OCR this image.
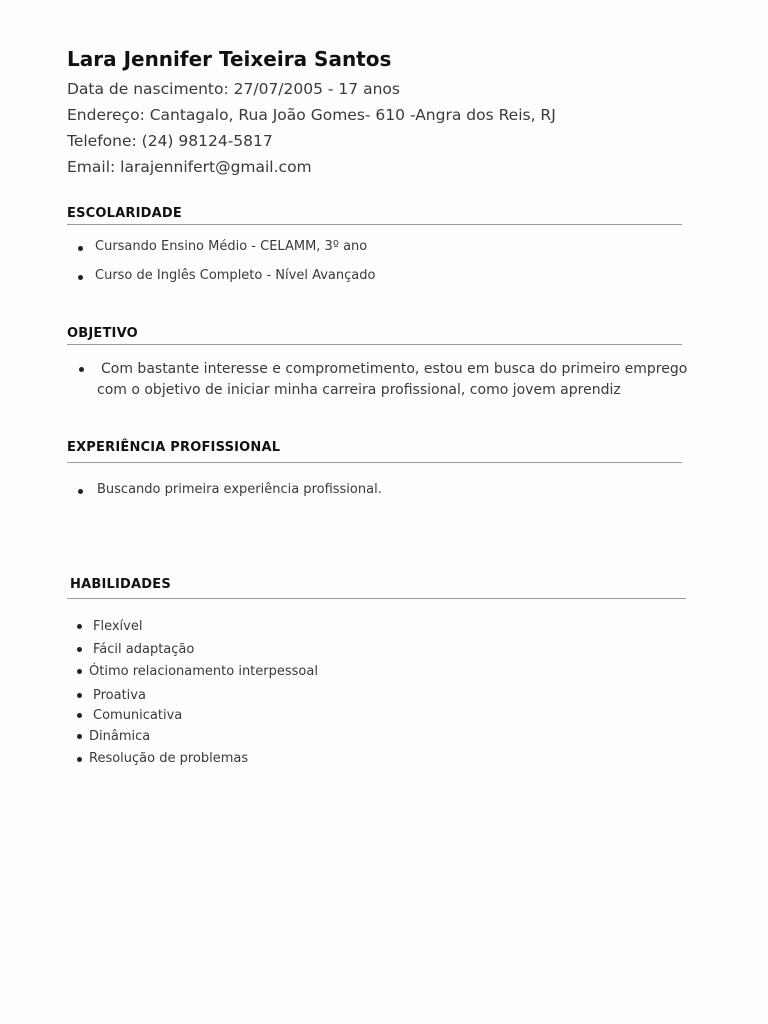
Lara Jennifer Teixeira Santos
Data de nascimento: 27/07/2005 - 17 anos
Endereço: Cantagalo, Rua João Gomes- 610 -Angra dos Reis, RJ
Telefone: (24) 98124-5817
Email: larajennifert@gmail.com
ESCOLARIDADE
Cursando Ensino Médio - CELAMM, 3º ano
Curso de Inglês Completo - Nível Avançado
OBJETIVO
Com bastante interesse e comprometimento, estou em busca do primeiro emprego
com o objetivo de iniciar minha carreira profissional, como jovem aprendiz
EXPERIÊNCIA PROFISSIONAL
Buscando primeira experiência profissional.
HABILIDADES
Flexível
Fácil adaptação
Ótimo relacionamento interpessoal
Proativa
Comunicativa
Dinâmica
Resolução de problemas
